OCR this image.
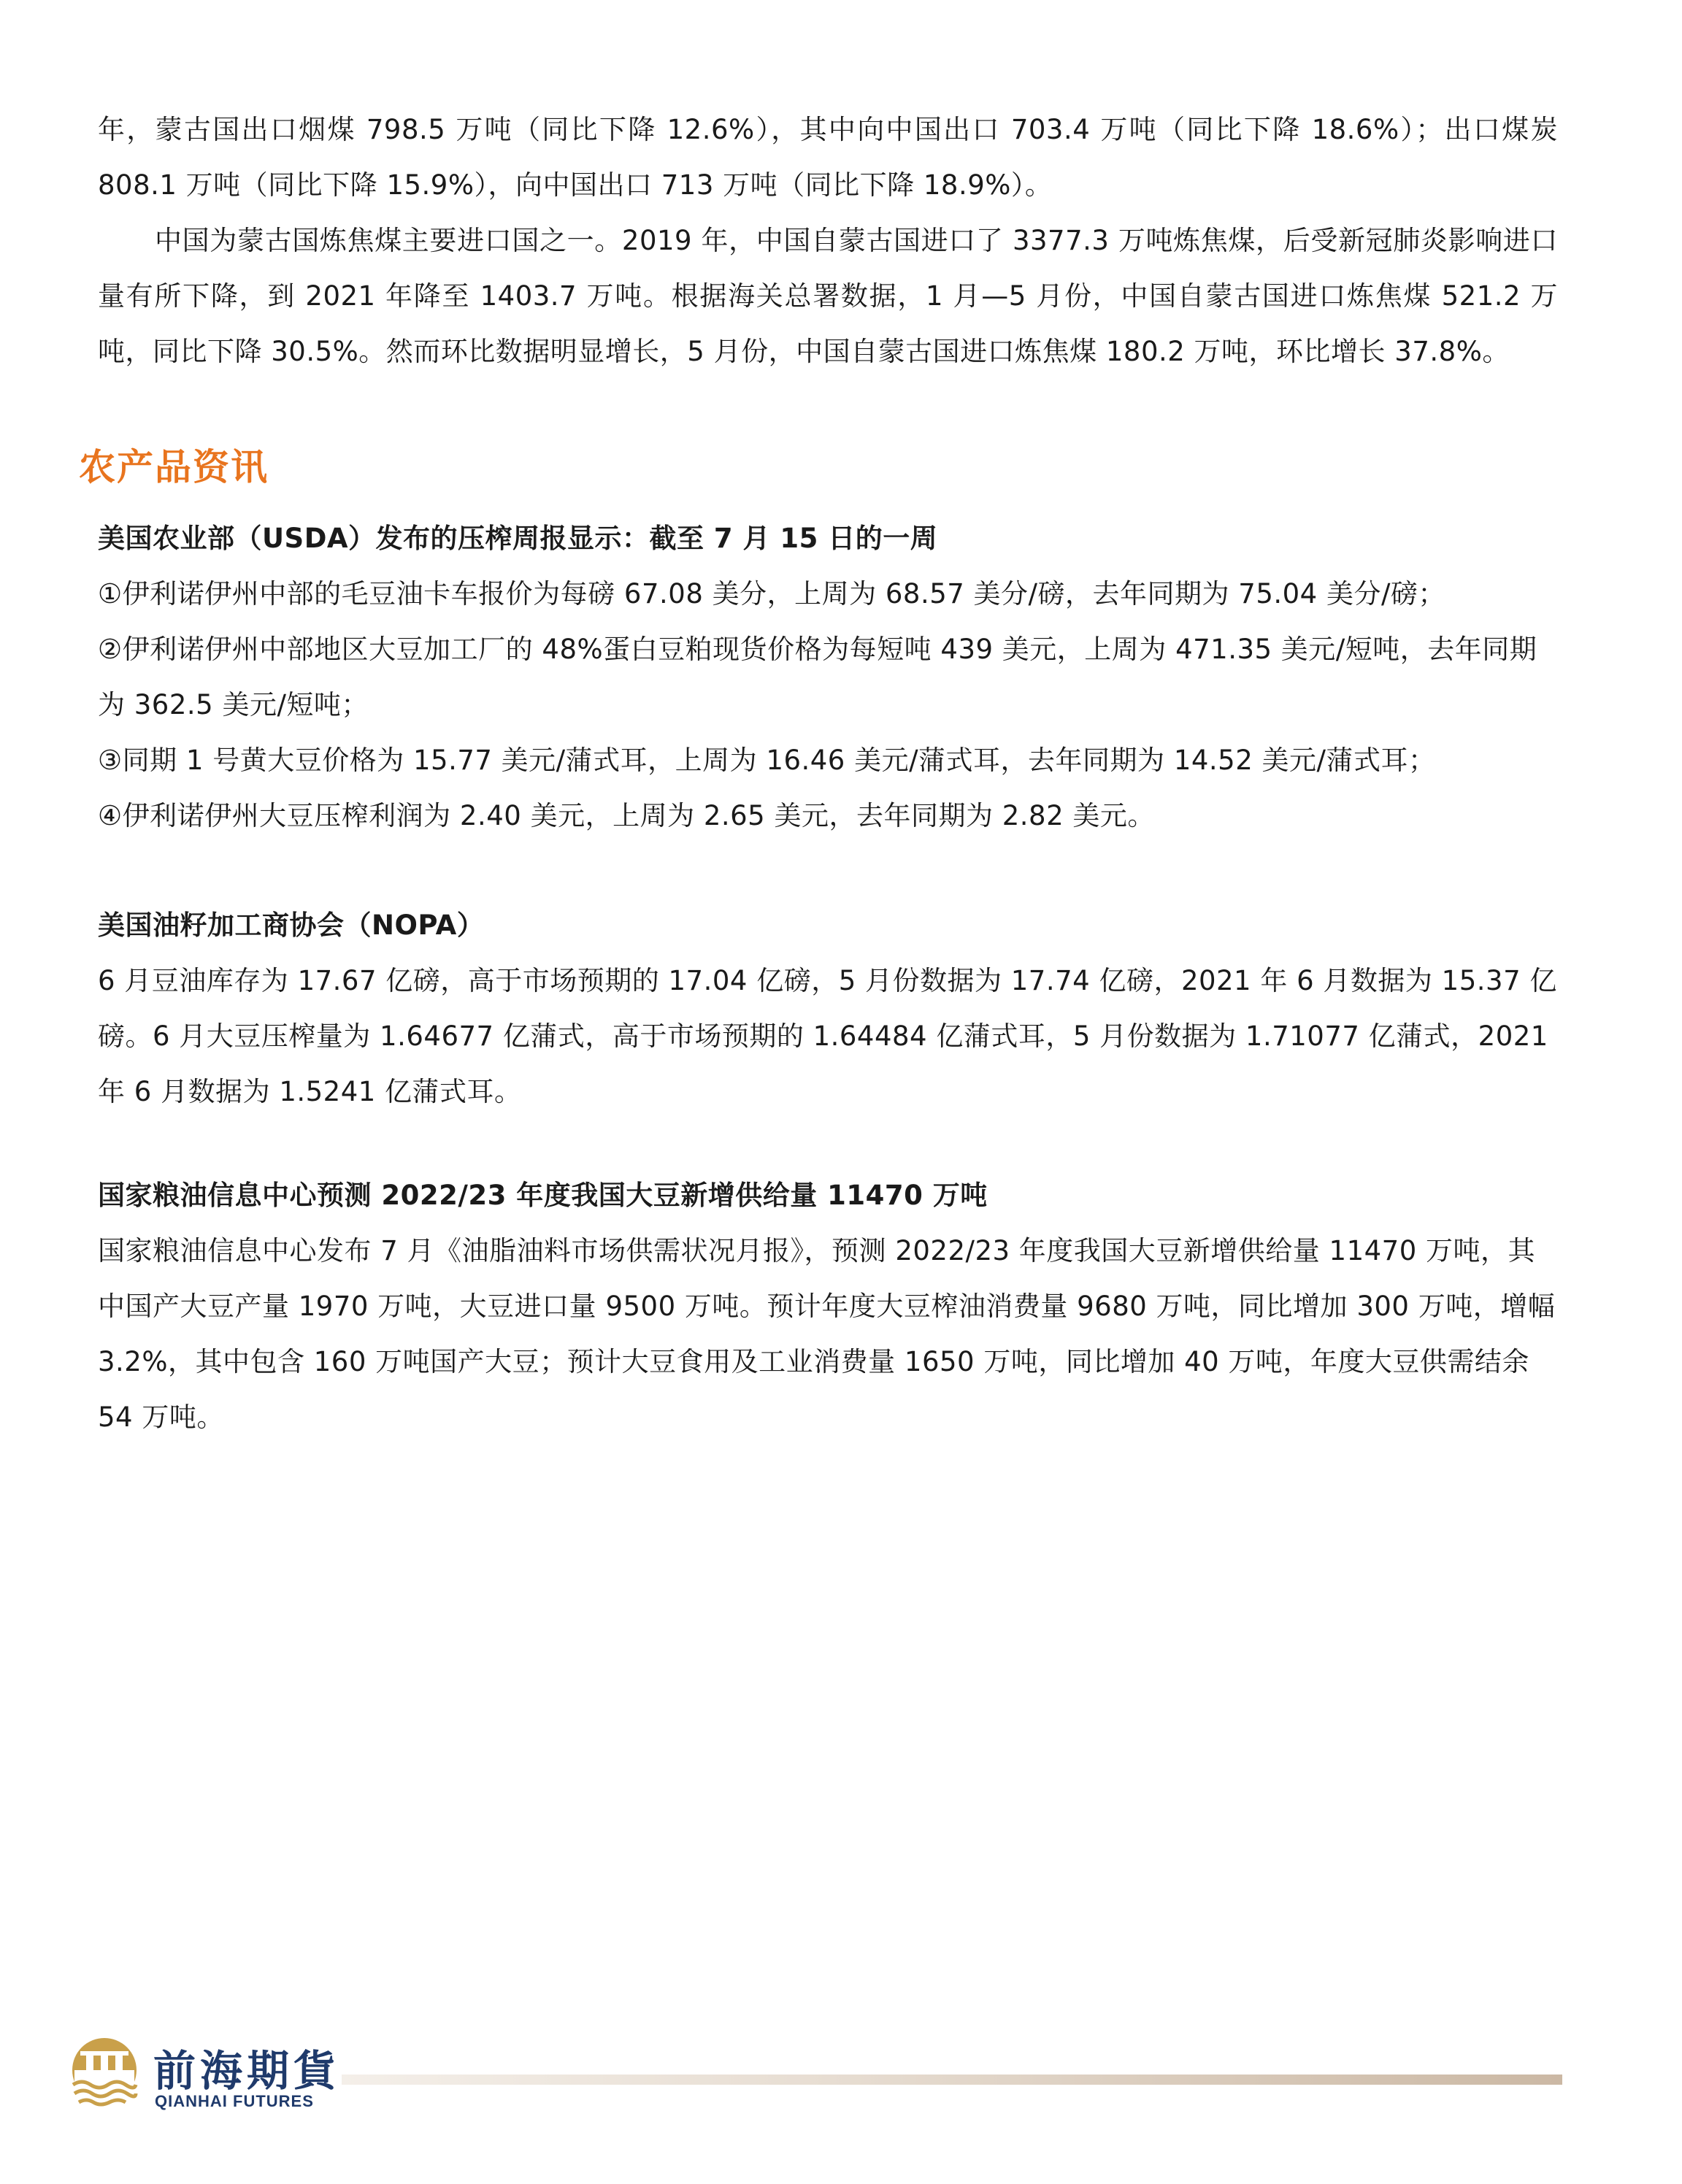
年，蒙古国出口烟煤 798.5 万吨（同比下降 12.6%），其中向中国出口 703.4 万吨（同比下降 18.6%）；出口煤炭 808.1 万吨（同比下降 15.9%），向中国出口 713 万吨（同比下降 18.9%）。

中国为蒙古国炼焦煤主要进口国之一。2019 年，中国自蒙古国进口了 3377.3 万吨炼焦煤，后受新冠肺炎影响进口量有所下降，到 2021 年降至 1403.7 万吨。根据海关总署数据，1 月—5 月份，中国自蒙古国进口炼焦煤 521.2 万吨，同比下降 30.5%。然而环比数据明显增长，5 月份，中国自蒙古国进口炼焦煤 180.2 万吨，环比增长 37.8%。

农产品资讯

美国农业部（USDA）发布的压榨周报显示：截至 7 月 15 日的一周

①伊利诺伊州中部的毛豆油卡车报价为每磅 67.08 美分，上周为 68.57 美分/磅，去年同期为 75.04 美分/磅；

②伊利诺伊州中部地区大豆加工厂的 48%蛋白豆粕现货价格为每短吨 439 美元，上周为 471.35 美元/短吨，去年同期为 362.5 美元/短吨；

③同期 1 号黄大豆价格为 15.77 美元/蒲式耳，上周为 16.46 美元/蒲式耳，去年同期为 14.52 美元/蒲式耳；

④伊利诺伊州大豆压榨利润为 2.40 美元，上周为 2.65 美元，去年同期为 2.82 美元。

美国油籽加工商协会（NOPA）

6 月豆油库存为 17.67 亿磅，高于市场预期的 17.04 亿磅，5 月份数据为 17.74 亿磅，2021 年 6 月数据为 15.37 亿磅。6 月大豆压榨量为 1.64677 亿蒲式，高于市场预期的 1.64484 亿蒲式耳，5 月份数据为 1.71077 亿蒲式，2021 年 6 月数据为 1.5241 亿蒲式耳。

国家粮油信息中心预测 2022/23 年度我国大豆新增供给量 11470 万吨

国家粮油信息中心发布 7 月《油脂油料市场供需状况月报》，预测 2022/23 年度我国大豆新增供给量 11470 万吨，其中国产大豆产量 1970 万吨，大豆进口量 9500 万吨。预计年度大豆榨油消费量 9680 万吨，同比增加 300 万吨，增幅 3.2%，其中包含 160 万吨国产大豆；预计大豆食用及工业消费量 1650 万吨，同比增加 40 万吨，年度大豆供需结余 54 万吨。

前海期貨

QIANHAI FUTURES
